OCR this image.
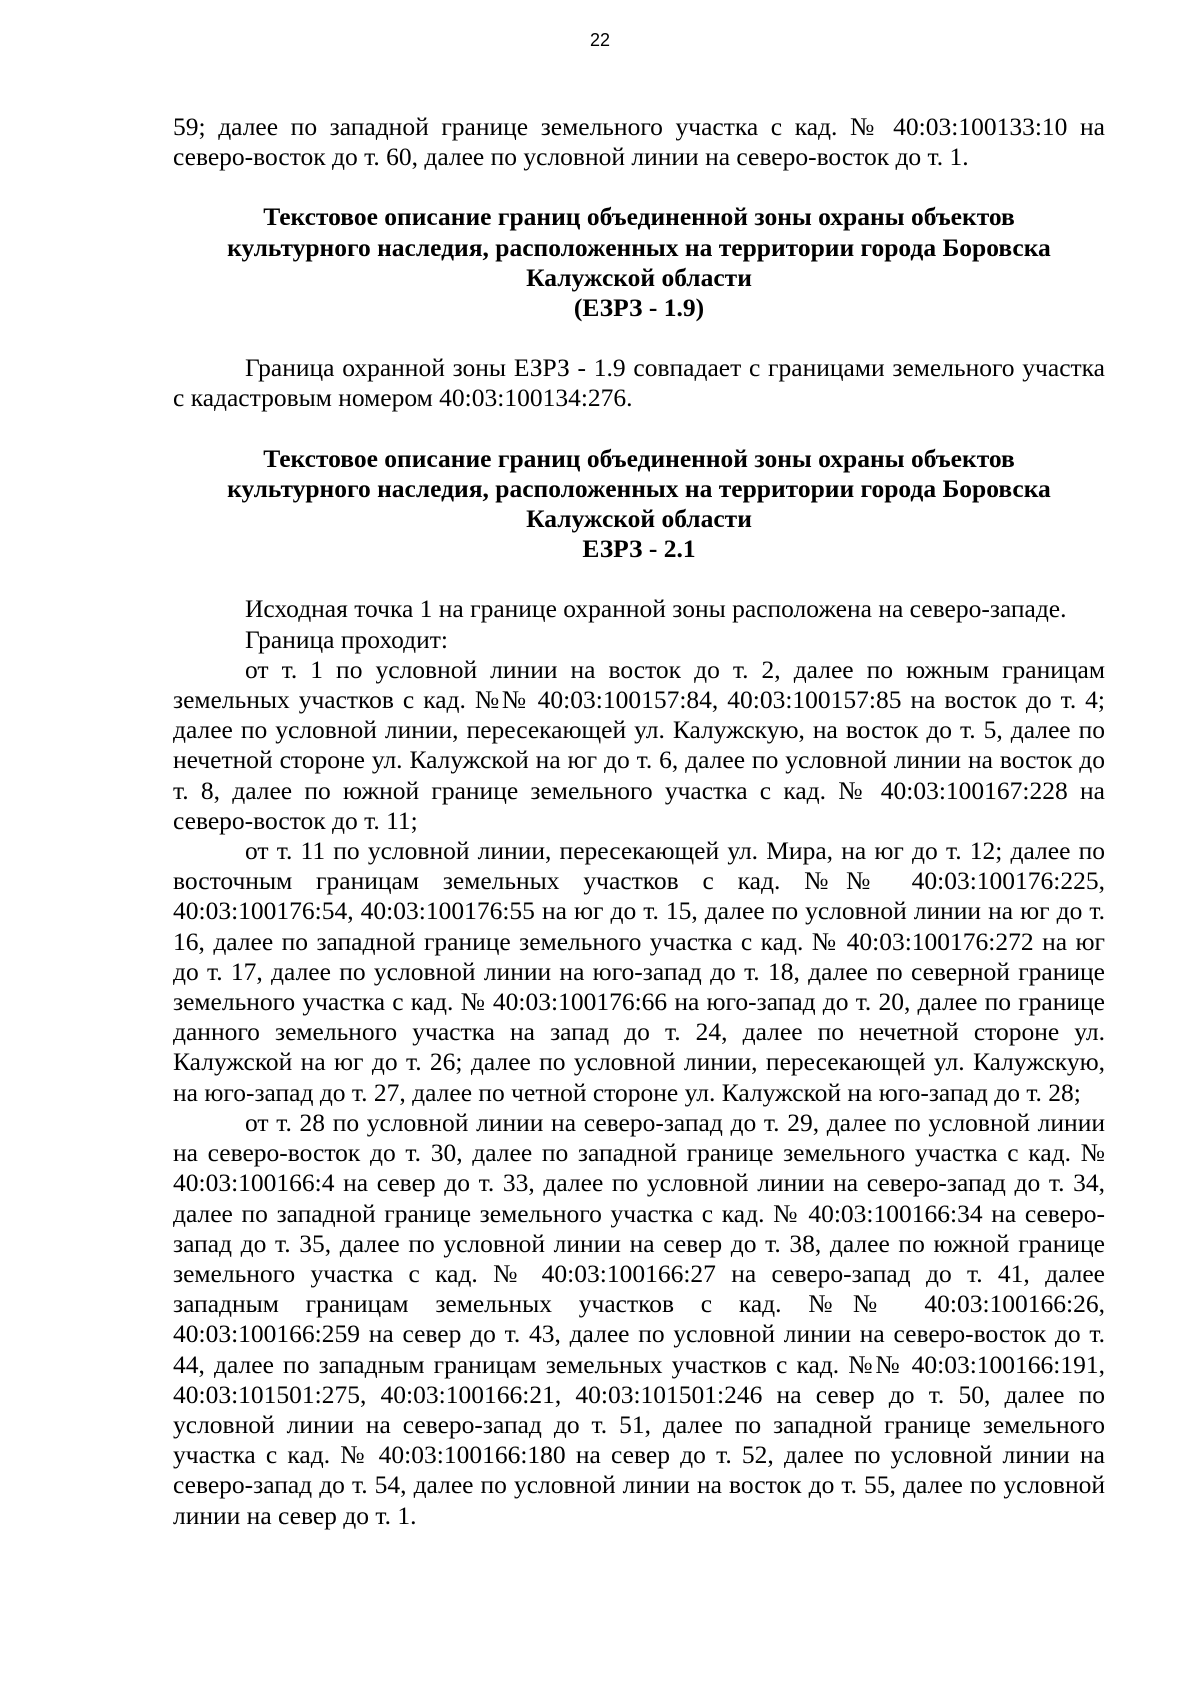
22

59; далее по западной границе земельного участка с кад. № 40:03:100133:10 на северо-восток до т. 60, далее по условной линии на северо-восток до т. 1.

Текстовое описание границ объединенной зоны охраны объектов
культурного наследия, расположенных на территории города Боровска
Калужской области
(ЕЗРЗ - 1.9)

Граница охранной зоны ЕЗРЗ - 1.9 совпадает с границами земельного участка с кадастровым номером 40:03:100134:276.

Текстовое описание границ объединенной зоны охраны объектов
культурного наследия, расположенных на территории города Боровска
Калужской области
ЕЗРЗ - 2.1

Исходная точка 1 на границе охранной зоны расположена на северо-западе.

Граница проходит:

от т. 1 по условной линии на восток до т. 2, далее по южным границам земельных участков с кад. №№ 40:03:100157:84, 40:03:100157:85 на восток до т. 4; далее по условной линии, пересекающей ул. Калужскую, на восток до т. 5, далее по нечетной стороне ул. Калужской на юг до т. 6, далее по условной линии на восток до т. 8, далее по южной границе земельного участка с кад. № 40:03:100167:228 на северо-восток до т. 11;

от т. 11 по условной линии, пересекающей ул. Мира, на юг до т. 12; далее по восточным границам земельных участков с кад. №№ 40:03:100176:225, 40:03:100176:54, 40:03:100176:55 на юг до т. 15, далее по условной линии на юг до т. 16, далее по западной границе земельного участка с кад. № 40:03:100176:272 на юг до т. 17, далее по условной линии на юго-запад до т. 18, далее по северной границе земельного участка с кад. № 40:03:100176:66 на юго-запад до т. 20, далее по границе данного земельного участка на запад до т. 24, далее по нечетной стороне ул. Калужской на юг до т. 26; далее по условной линии, пересекающей ул. Калужскую, на юго-запад до т. 27, далее по четной стороне ул. Калужской на юго-запад до т. 28;

от т. 28 по условной линии на северо-запад до т. 29, далее по условной линии на северо-восток до т. 30, далее по западной границе земельного участка с кад. № 40:03:100166:4 на север до т. 33, далее по условной линии на северо-запад до т. 34, далее по западной границе земельного участка с кад. № 40:03:100166:34 на северо-запад до т. 35, далее по условной линии на север до т. 38, далее по южной границе земельного участка с кад. № 40:03:100166:27 на северо-запад до т. 41, далее западным границам земельных участков с кад. №№ 40:03:100166:26, 40:03:100166:259 на север до т. 43, далее по условной линии на северо-восток до т. 44, далее по западным границам земельных участков с кад. №№ 40:03:100166:191, 40:03:101501:275, 40:03:100166:21, 40:03:101501:246 на север до т. 50, далее по условной линии на северо-запад до т. 51, далее по западной границе земельного участка с кад. № 40:03:100166:180 на север до т. 52, далее по условной линии на северо-запад до т. 54, далее по условной линии на восток до т. 55, далее по условной линии на север до т. 1.
